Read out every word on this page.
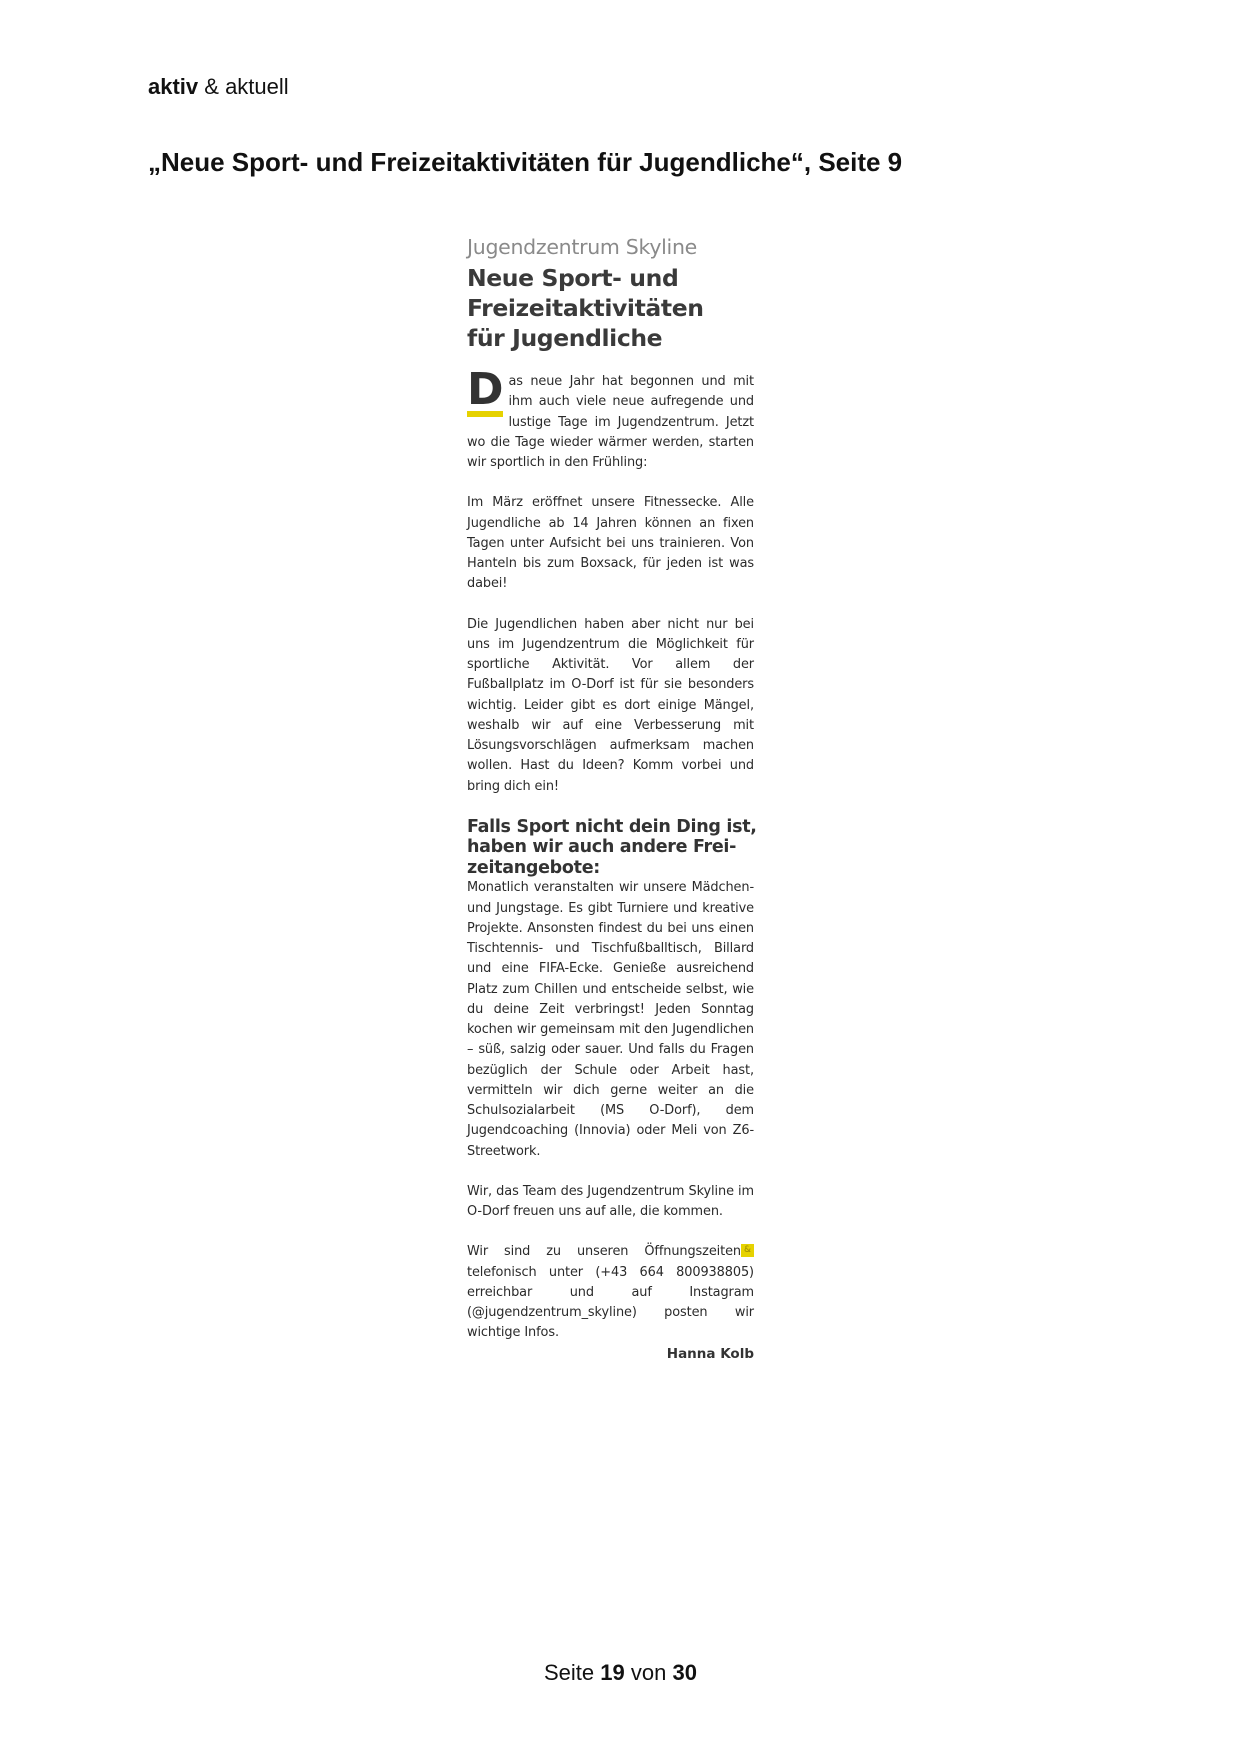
aktiv & aktuell
„Neue Sport- und Freizeitaktivitäten für Jugendliche“, Seite 9

Jugendzentrum Skyline

Neue Sport- und
Freizeitaktivitäten
für Jugendliche

D as neue Jahr hat begonnen und mit ihm auch viele neue aufregende und lustige Tage im Jugendzentrum. Jetzt wo die Tage wieder wärmer werden, starten wir sportlich in den Frühling:

Im März eröffnet unsere Fitnessecke. Alle Jugendliche ab 14 Jahren können an fixen Tagen unter Aufsicht bei uns trainieren. Von Hanteln bis zum Boxsack, für jeden ist was dabei!

Die Jugendlichen haben aber nicht nur bei uns im Jugendzentrum die Möglichkeit für sportliche Aktivität. Vor allem der Fußballplatz im O-Dorf ist für sie besonders wichtig. Leider gibt es dort einige Mängel, weshalb wir auf eine Verbesserung mit Lösungsvorschlägen aufmerksam machen wollen. Hast du Ideen? Komm vorbei und bring dich ein!

Falls Sport nicht dein Ding ist,
haben wir auch andere Frei-
zeitangebote:

Monatlich veranstalten wir unsere Mädchen- und Jungstage. Es gibt Turniere und kreative Projekte. Ansonsten findest du bei uns einen Tischtennis- und Tischfußballtisch, Billard und eine FIFA-Ecke. Genieße ausreichend Platz zum Chillen und entscheide selbst, wie du deine Zeit verbringst! Jeden Sonntag kochen wir gemeinsam mit den Jugendlichen – süß, salzig oder sauer. Und falls du Fragen bezüglich der Schule oder Arbeit hast, vermitteln wir dich gerne weiter an die Schulsozialarbeit (MS O-Dorf), dem Jugendcoaching (Innovia) oder Meli von Z6-Streetwork.

Wir, das Team des Jugendzentrum Skyline im O-Dorf freuen uns auf alle, die kommen.

&
Wir sind zu unseren Öffnungszeiten telefonisch unter (+43 664 800938805) erreichbar und auf Instagram (@jugendzentrum_skyline) posten wir wichtige Infos.

Hanna Kolb

Seite 19 von 30
